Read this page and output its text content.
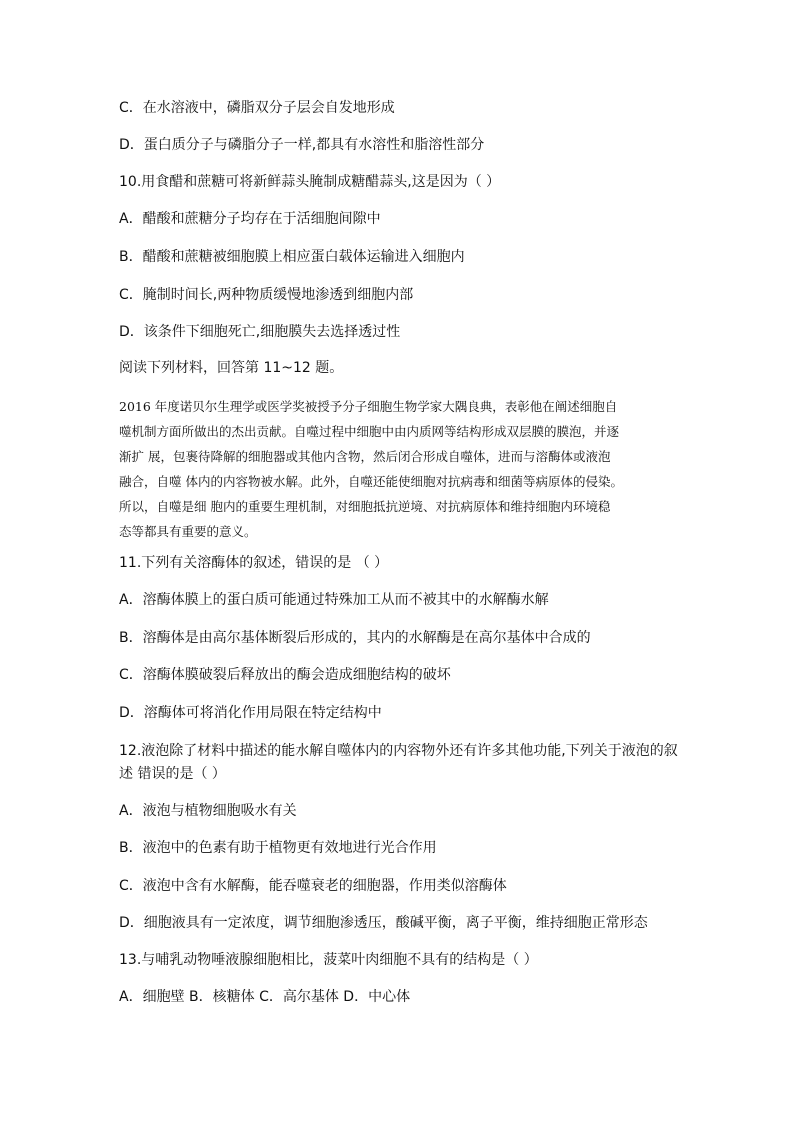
C．在水溶液中，磷脂双分子层会自发地形成
D．蛋白质分子与磷脂分子一样,都具有水溶性和脂溶性部分
10.用食醋和蔗糖可将新鲜蒜头腌制成糖醋蒜头,这是因为（ ）
A．醋酸和蔗糖分子均存在于活细胞间隙中
B．醋酸和蔗糖被细胞膜上相应蛋白载体运输进入细胞内
C．腌制时间长,两种物质缓慢地渗透到细胞内部
D．该条件下细胞死亡,细胞膜失去选择透过性
阅读下列材料，回答第 11~12 题。
2016 年度诺贝尔生理学或医学奖被授予分子细胞生物学家大隅良典，表彰他在阐述细胞自
噬机制方面所做出的杰出贡献。自噬过程中细胞中由内质网等结构形成双层膜的膜泡，并逐
渐扩 展，包裹待降解的细胞器或其他内含物，然后闭合形成自噬体，进而与溶酶体或液泡
融合，自噬 体内的内容物被水解。此外，自噬还能使细胞对抗病毒和细菌等病原体的侵染。
所以，自噬是细 胞内的重要生理机制，对细胞抵抗逆境、对抗病原体和维持细胞内环境稳
态等都具有重要的意义。
11.下列有关溶酶体的叙述，错误的是 （ ）
A．溶酶体膜上的蛋白质可能通过特殊加工从而不被其中的水解酶水解
B．溶酶体是由高尔基体断裂后形成的，其内的水解酶是在高尔基体中合成的
C．溶酶体膜破裂后释放出的酶会造成细胞结构的破坏
D．溶酶体可将消化作用局限在特定结构中
12.液泡除了材料中描述的能水解自噬体内的内容物外还有许多其他功能,下列关于液泡的叙
述 错误的是（ ）
A．液泡与植物细胞吸水有关
B．液泡中的色素有助于植物更有效地进行光合作用
C．液泡中含有水解酶，能吞噬衰老的细胞器，作用类似溶酶体
D．细胞液具有一定浓度，调节细胞渗透压，酸碱平衡，离子平衡，维持细胞正常形态
13.与哺乳动物唾液腺细胞相比，菠菜叶肉细胞不具有的结构是（ ）
A．细胞壁 B．核糖体 C．高尔基体 D．中心体
